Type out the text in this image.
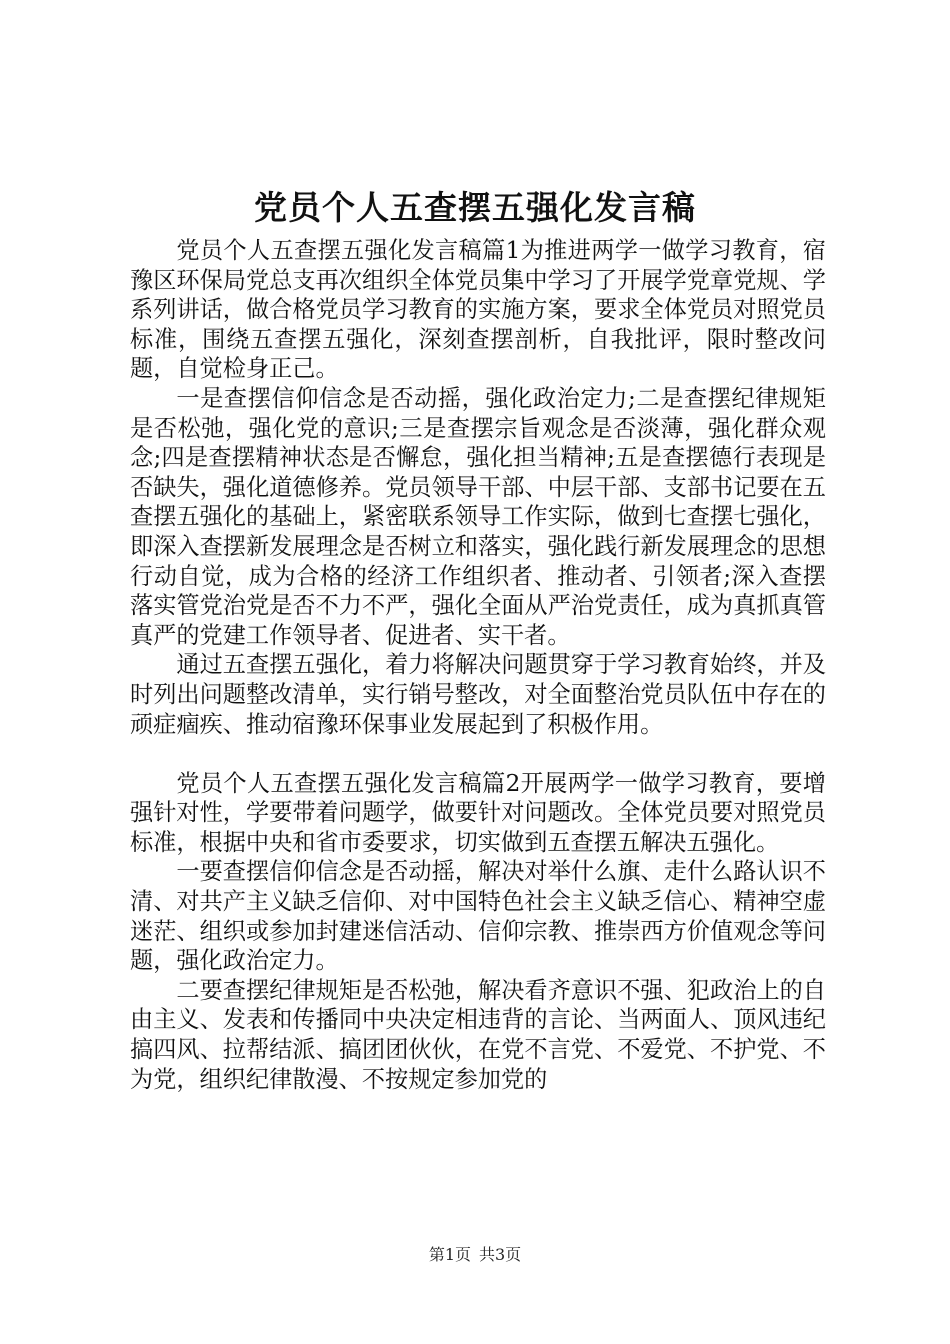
党员个人五查摆五强化发言稿

党员个人五查摆五强化发言稿篇1为推进两学一做学习教育，宿豫区环保局党总支再次组织全体党员集中学习了开展学党章党规、学系列讲话，做合格党员学习教育的实施方案，要求全体党员对照党员标准，围绕五查摆五强化，深刻查摆剖析，自我批评，限时整改问题，自觉检身正己。

一是查摆信仰信念是否动摇，强化政治定力;二是查摆纪律规矩是否松弛，强化党的意识;三是查摆宗旨观念是否淡薄，强化群众观念;四是查摆精神状态是否懈怠，强化担当精神;五是查摆德行表现是否缺失，强化道德修养。党员领导干部、中层干部、支部书记要在五查摆五强化的基础上，紧密联系领导工作实际，做到七查摆七强化，即深入查摆新发展理念是否树立和落实，强化践行新发展理念的思想行动自觉，成为合格的经济工作组织者、推动者、引领者;深入查摆落实管党治党是否不力不严，强化全面从严治党责任，成为真抓真管真严的党建工作领导者、促进者、实干者。

通过五查摆五强化，着力将解决问题贯穿于学习教育始终，并及时列出问题整改清单，实行销号整改，对全面整治党员队伍中存在的顽症痼疾、推动宿豫环保事业发展起到了积极作用。

党员个人五查摆五强化发言稿篇2开展两学一做学习教育，要增强针对性，学要带着问题学，做要针对问题改。全体党员要对照党员标准，根据中央和省市委要求，切实做到五查摆五解决五强化。

一要查摆信仰信念是否动摇，解决对举什么旗、走什么路认识不清、对共产主义缺乏信仰、对中国特色社会主义缺乏信心、精神空虚迷茫、组织或参加封建迷信活动、信仰宗教、推崇西方价值观念等问题，强化政治定力。

二要查摆纪律规矩是否松弛，解决看齐意识不强、犯政治上的自由主义、发表和传播同中央决定相违背的言论、当两面人、顶风违纪搞四风、拉帮结派、搞团团伙伙，在党不言党、不爱党、不护党、不为党，组织纪律散漫、不按规定参加党的

第1页 共3页
